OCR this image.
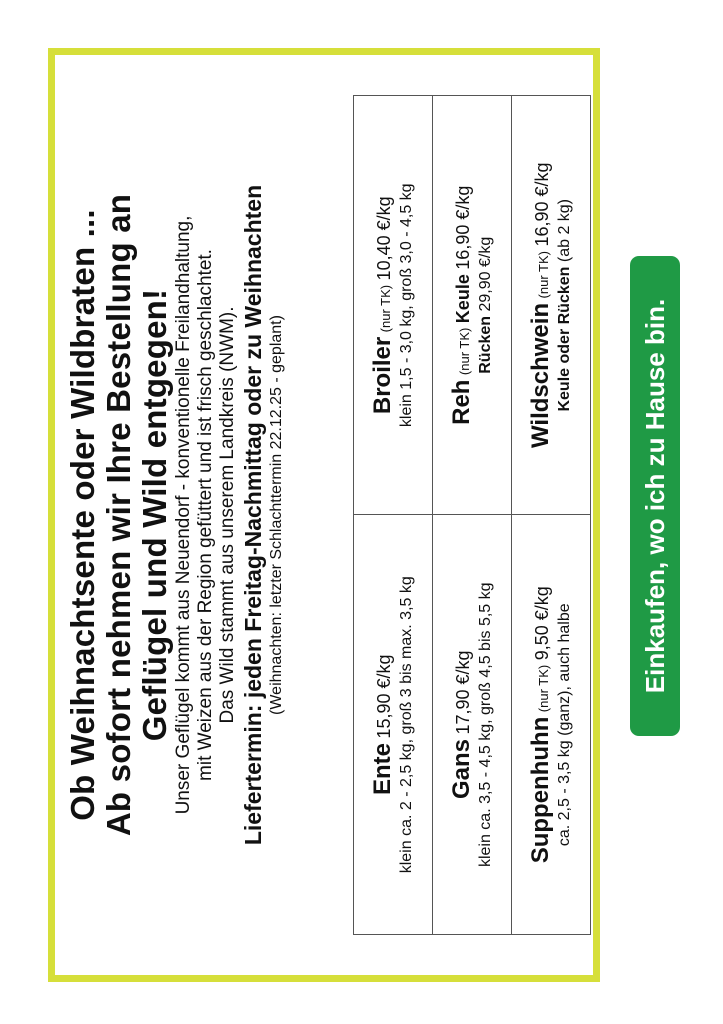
Ob Weihnachtsente oder Wildbraten ... Ab sofort nehmen wir Ihre Bestellung an Geflügel und Wild entgegen! Unser Geflügel kommt aus Neuendorf - konventionelle Freilandhaltung, mit Weizen aus der Region gefüttert und ist frisch geschlachtet. Das Wild stammt aus unserem Landkreis (NWM). Liefertermin: jeden Freitag-Nachmittag oder zu Weihnachten (Weihnachten: letzter Schlachttermin 22.12.25 - geplant)

Ente 15,90 €/kg klein ca. 2 - 2,5 kg, groß 3 bis max. 3,5 kg	Broiler (nur TK) 10,40 €/kg klein 1,5 - 3,0 kg, groß 3,0 - 4,5 kg

Gans 17,90 €/kg klein ca. 3,5 - 4,5 kg, groß 4,5 bis 5,5 kg	Reh (nur TK) Keule 16,90 €/kg
Rücken 29,90 €/kg

Suppenhuhn (nur TK) 9,50 €/kg ca. 2,5 - 3,5 kg (ganz), auch halbe	Wildschwein (nur TK) 16,90 €/kg
Keule oder Rücken (ab 2 kg)
Einkaufen, wo ich zu Hause bin.
